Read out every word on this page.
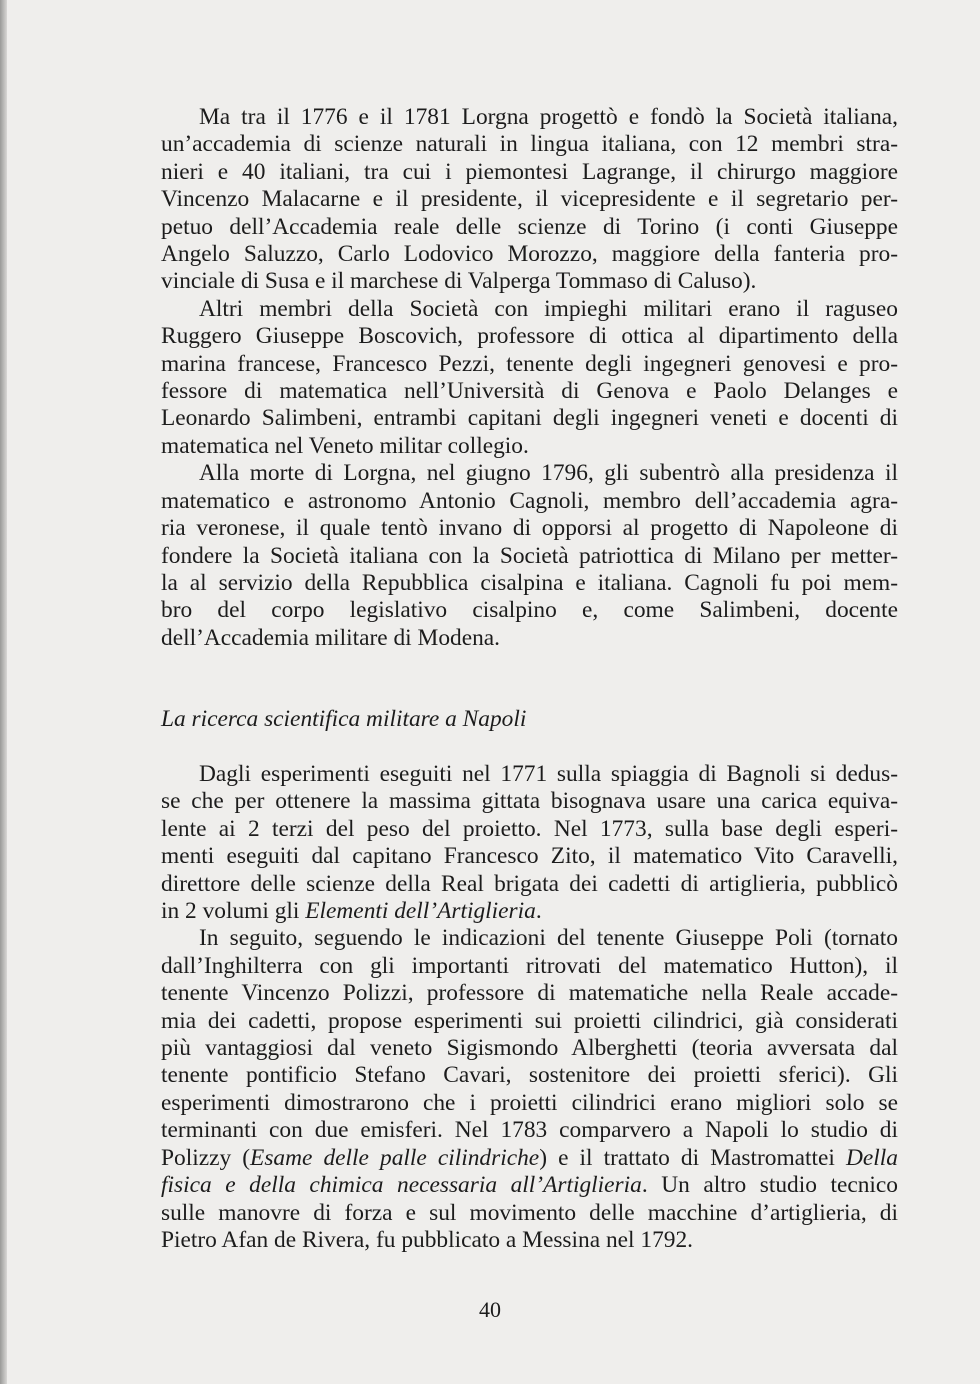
Ma tra il 1776 e il 1781 Lorgna progettò e fondò la Società italiana,
un’accademia di scienze naturali in lingua italiana, con 12 membri stra-
nieri e 40 italiani, tra cui i piemontesi Lagrange, il chirurgo maggiore
Vincenzo Malacarne e il presidente, il vicepresidente e il segretario per-
petuo dell’Accademia reale delle scienze di Torino (i conti Giuseppe
Angelo Saluzzo, Carlo Lodovico Morozzo, maggiore della fanteria pro-
vinciale di Susa e il marchese di Valperga Tommaso di Caluso).
Altri membri della Società con impieghi militari erano il raguseo
Ruggero Giuseppe Boscovich, professore di ottica al dipartimento della
marina francese, Francesco Pezzi, tenente degli ingegneri genovesi e pro-
fessore di matematica nell’Università di Genova e Paolo Delanges e
Leonardo Salimbeni, entrambi capitani degli ingegneri veneti e docenti di
matematica nel Veneto militar collegio.
Alla morte di Lorgna, nel giugno 1796, gli subentrò alla presidenza il
matematico e astronomo Antonio Cagnoli, membro dell’accademia agra-
ria veronese, il quale tentò invano di opporsi al progetto di Napoleone di
fondere la Società italiana con la Società patriottica di Milano per metter-
la al servizio della Repubblica cisalpina e italiana. Cagnoli fu poi mem-
bro del corpo legislativo cisalpino e, come Salimbeni, docente
dell’Accademia militare di Modena.
La ricerca scientifica militare a Napoli
Dagli esperimenti eseguiti nel 1771 sulla spiaggia di Bagnoli si dedus-
se che per ottenere la massima gittata bisognava usare una carica equiva-
lente ai 2 terzi del peso del proietto. Nel 1773, sulla base degli esperi-
menti eseguiti dal capitano Francesco Zito, il matematico Vito Caravelli,
direttore delle scienze della Real brigata dei cadetti di artiglieria, pubblicò
in 2 volumi gli Elementi dell’Artiglieria.
In seguito, seguendo le indicazioni del tenente Giuseppe Poli (tornato
dall’Inghilterra con gli importanti ritrovati del matematico Hutton), il
tenente Vincenzo Polizzi, professore di matematiche nella Reale accade-
mia dei cadetti, propose esperimenti sui proietti cilindrici, già considerati
più vantaggiosi dal veneto Sigismondo Alberghetti (teoria avversata dal
tenente pontificio Stefano Cavari, sostenitore dei proietti sferici). Gli
esperimenti dimostrarono che i proietti cilindrici erano migliori solo se
terminanti con due emisferi. Nel 1783 comparvero a Napoli lo studio di
Polizzy (Esame delle palle cilindriche) e il trattato di Mastromattei Della
fisica e della chimica necessaria all’Artiglieria. Un altro studio tecnico
sulle manovre di forza e sul movimento delle macchine d’artiglieria, di
Pietro Afan de Rivera, fu pubblicato a Messina nel 1792.
40
